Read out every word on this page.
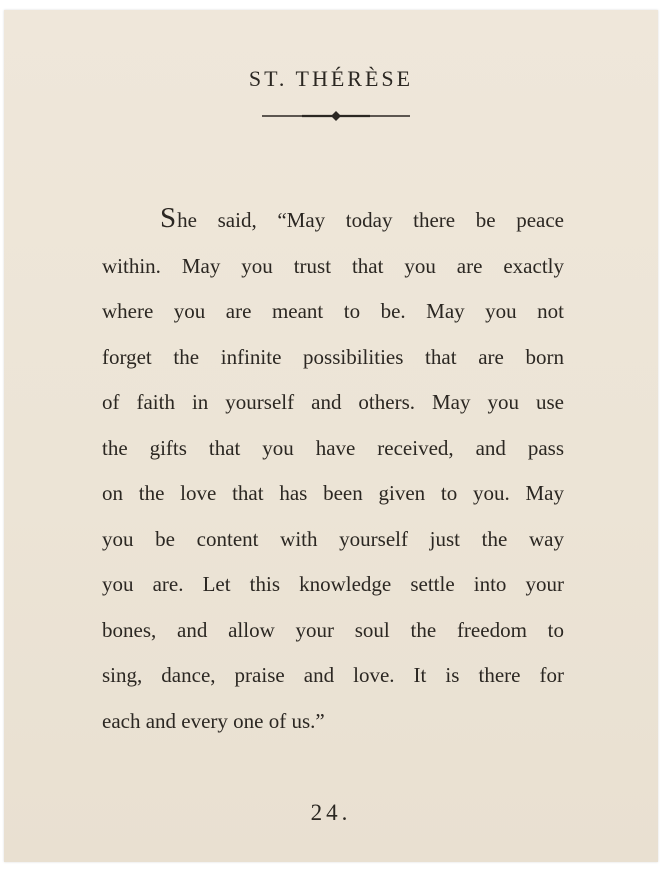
ST. THÉRÈSE
She said, “May today there be peace
within. May you trust that you are exactly
where you are meant to be. May you not
forget the infinite possibilities that are born
of faith in yourself and others. May you use
the gifts that you have received, and pass
on the love that has been given to you. May
you be content with yourself just the way
you are. Let this knowledge settle into your
bones, and allow your soul the freedom to
sing, dance, praise and love. It is there for
each and every one of us.”
24.
